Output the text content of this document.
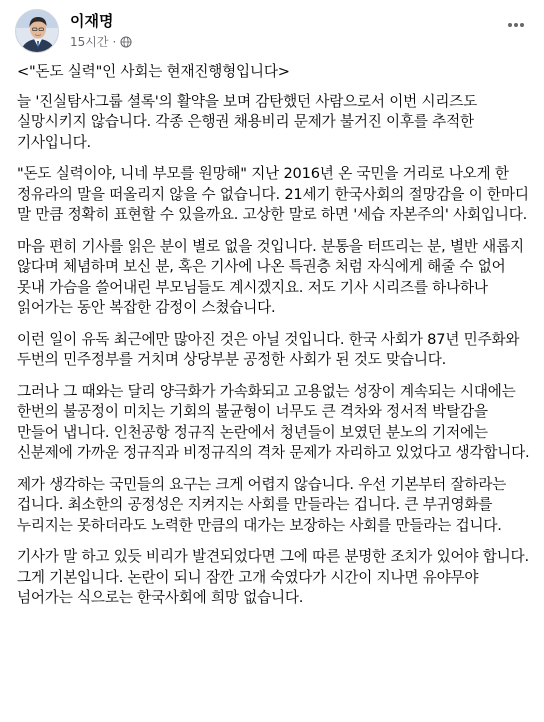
이재명
15시간 ·

<"돈도 실력"인 사회는 현재진행형입니다>

늘 '진실탐사그룹 셜록'의 활약을 보며 감탄했던 사람으로서 이번 시리즈도 실망시키지 않습니다. 각종 은행권 채용비리 문제가 불거진 이후를 추적한 기사입니다.

"돈도 실력이야, 니네 부모를 원망해" 지난 2016년 온 국민을 거리로 나오게 한 정유라의 말을 떠올리지 않을 수 없습니다. 21세기 한국사회의 절망감을 이 한마디 말 만큼 정확히 표현할 수 있을까요. 고상한 말로 하면 '세습 자본주의' 사회입니다.

마음 편히 기사를 읽은 분이 별로 없을 것입니다. 분통을 터뜨리는 분, 별반 새롭지 않다며 체념하며 보신 분, 혹은 기사에 나온 특권층 처럼 자식에게 해줄 수 없어 못내 가슴을 쓸어내린 부모님들도 계시겠지요. 저도 기사 시리즈를 하나하나 읽어가는 동안 복잡한 감정이 스쳤습니다.

이런 일이 유독 최근에만 많아진 것은 아닐 것입니다. 한국 사회가 87년 민주화와 두번의 민주정부를 거치며 상당부분 공정한 사회가 된 것도 맞습니다.

그러나 그 때와는 달리 양극화가 가속화되고 고용없는 성장이 계속되는 시대에는 한번의 불공정이 미치는 기회의 불균형이 너무도 큰 격차와 정서적 박탈감을 만들어 냅니다. 인천공항 정규직 논란에서 청년들이 보였던 분노의 기저에는 신분제에 가까운 정규직과 비정규직의 격차 문제가 자리하고 있었다고 생각합니다.

제가 생각하는 국민들의 요구는 크게 어렵지 않습니다. 우선 기본부터 잘하라는 겁니다. 최소한의 공정성은 지켜지는 사회를 만들라는 겁니다. 큰 부귀영화를 누리지는 못하더라도 노력한 만큼의 대가는 보장하는 사회를 만들라는 겁니다.

기사가 말 하고 있듯 비리가 발견되었다면 그에 따른 분명한 조치가 있어야 합니다. 그게 기본입니다. 논란이 되니 잠깐 고개 숙였다가 시간이 지나면 유야무야 넘어가는 식으로는 한국사회에 희망 없습니다.
